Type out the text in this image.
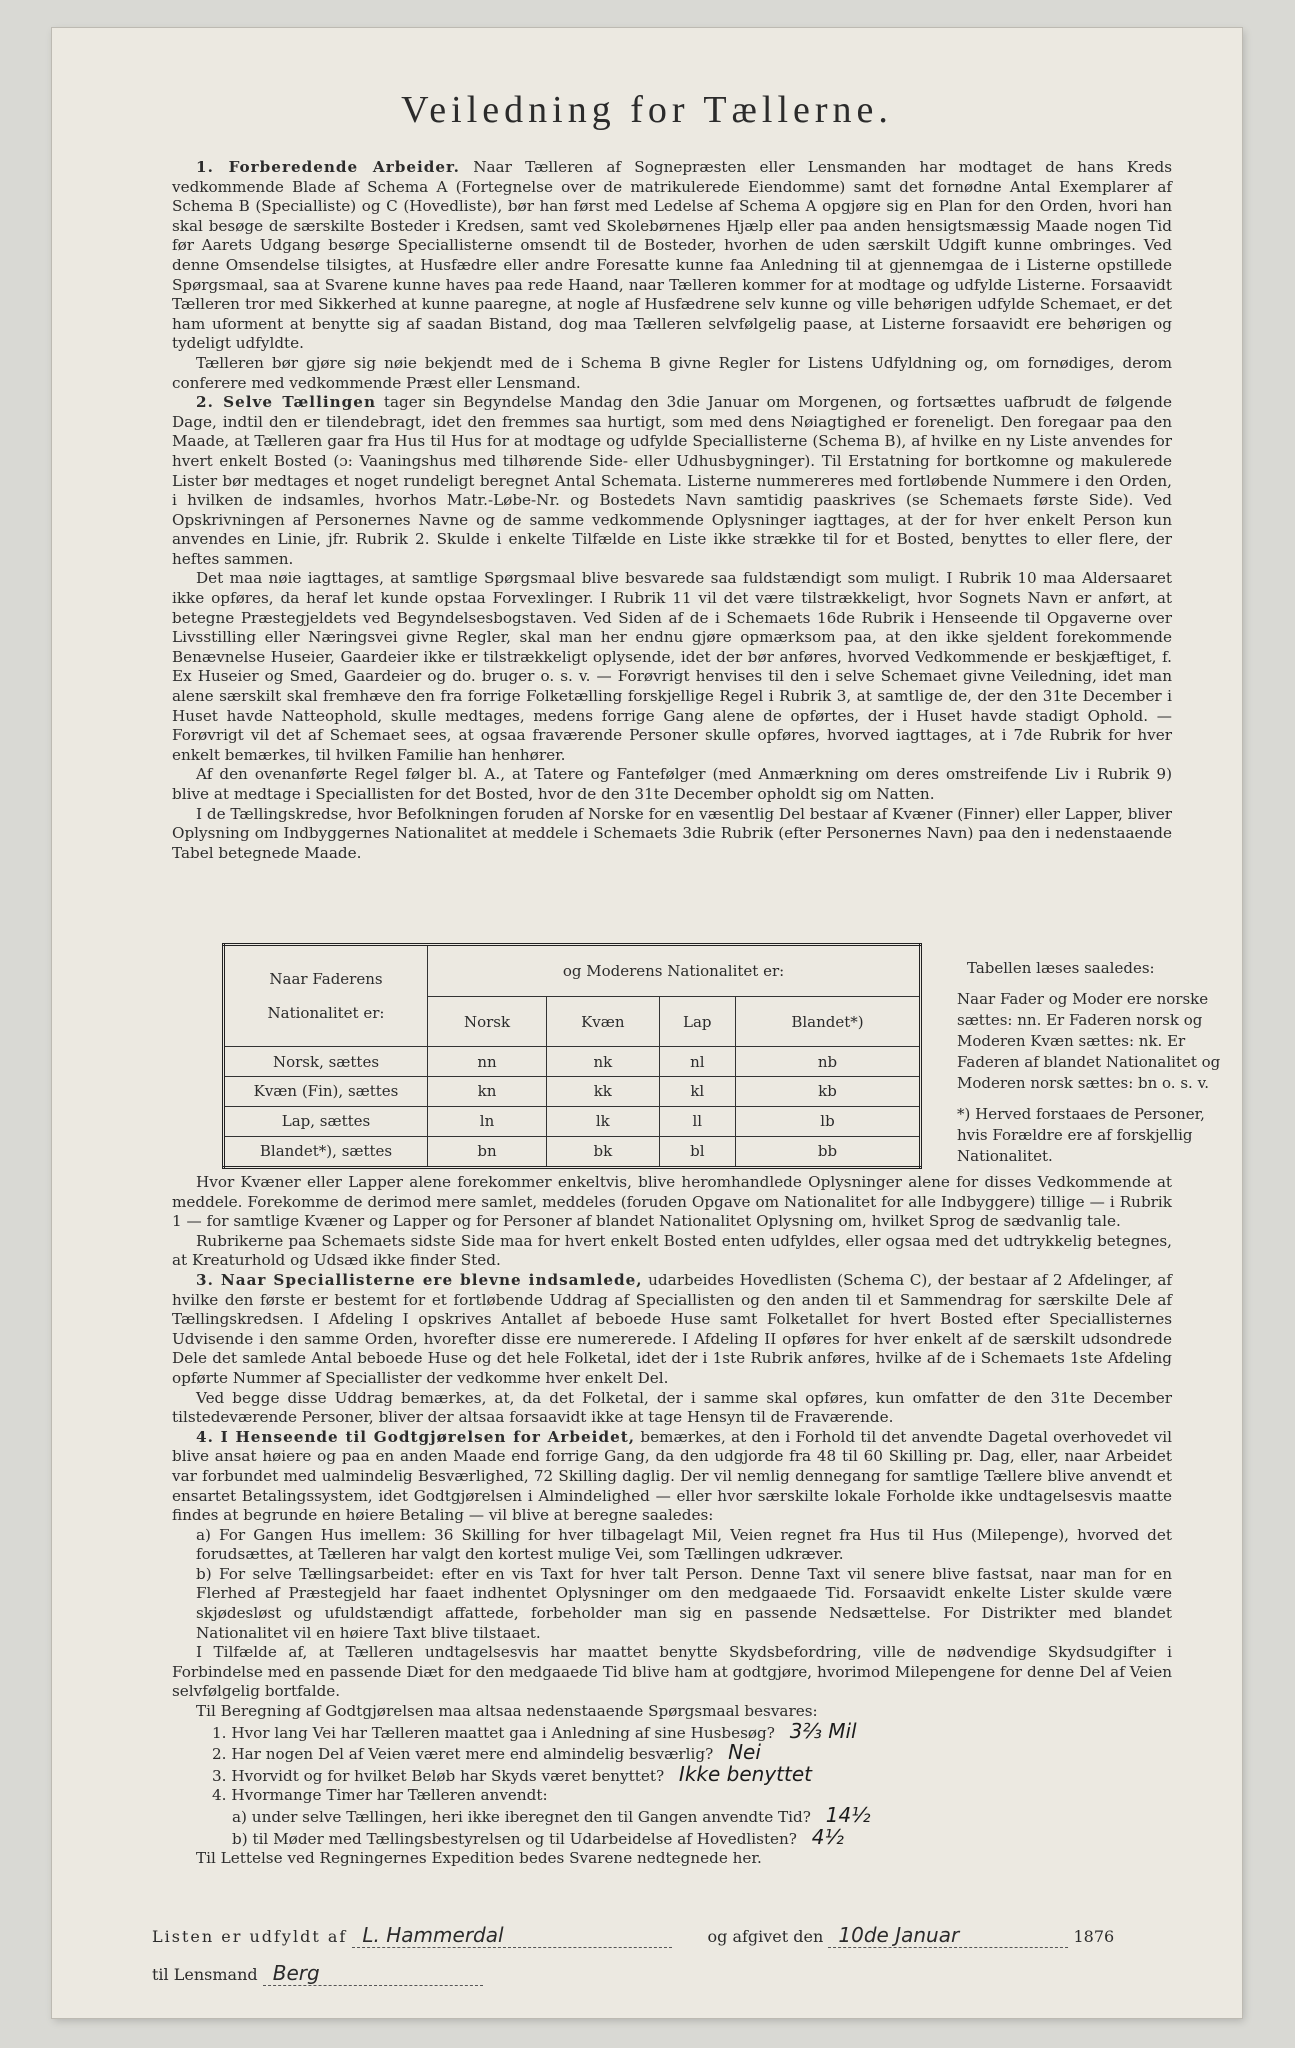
Veiledning for Tællerne.

1. Forberedende Arbeider. Naar Tælleren af Sognepræsten eller Lensmanden har modtaget de hans Kreds vedkommende Blade af Schema A (Fortegnelse over de matrikulerede Eiendomme) samt det fornødne Antal Exemplarer af Schema B (Specialliste) og C (Hovedliste), bør han først med Ledelse af Schema A opgjøre sig en Plan for den Orden, hvori han skal besøge de særskilte Bosteder i Kredsen, samt ved Skolebørnenes Hjælp eller paa anden hensigtsmæssig Maade nogen Tid før Aarets Udgang besørge Speciallisterne omsendt til de Bosteder, hvorhen de uden særskilt Udgift kunne ombringes. Ved denne Omsendelse tilsigtes, at Husfædre eller andre Foresatte kunne faa Anledning til at gjennemgaa de i Listerne opstillede Spørgsmaal, saa at Svarene kunne haves paa rede Haand, naar Tælleren kommer for at modtage og udfylde Listerne. Forsaavidt Tælleren tror med Sikkerhed at kunne paaregne, at nogle af Husfædrene selv kunne og ville behørigen udfylde Schemaet, er det ham uforment at benytte sig af saadan Bistand, dog maa Tælleren selvfølgelig paase, at Listerne forsaavidt ere behørigen og tydeligt udfyldte.

Tælleren bør gjøre sig nøie bekjendt med de i Schema B givne Regler for Listens Udfyldning og, om fornødiges, derom conferere med vedkommende Præst eller Lensmand.

2. Selve Tællingen tager sin Begyndelse Mandag den 3die Januar om Morgenen, og fortsættes uafbrudt de følgende Dage, indtil den er tilendebragt, idet den fremmes saa hurtigt, som med dens Nøiagtighed er foreneligt. Den foregaar paa den Maade, at Tælleren gaar fra Hus til Hus for at modtage og udfylde Speciallisterne (Schema B), af hvilke en ny Liste anvendes for hvert enkelt Bosted (ɔ: Vaaningshus med tilhørende Side- eller Udhusbygninger). Til Erstatning for bortkomne og makulerede Lister bør medtages et noget rundeligt beregnet Antal Schemata. Listerne nummereres med fortløbende Nummere i den Orden, i hvilken de indsamles, hvorhos Matr.-Løbe-Nr. og Bostedets Navn samtidig paaskrives (se Schemaets første Side). Ved Opskrivningen af Personernes Navne og de samme vedkommende Oplysninger iagttages, at der for hver enkelt Person kun anvendes en Linie, jfr. Rubrik 2. Skulde i enkelte Tilfælde en Liste ikke strække til for et Bosted, benyttes to eller flere, der heftes sammen.

Det maa nøie iagttages, at samtlige Spørgsmaal blive besvarede saa fuldstændigt som muligt. I Rubrik 10 maa Aldersaaret ikke opføres, da heraf let kunde opstaa Forvexlinger. I Rubrik 11 vil det være tilstrækkeligt, hvor Sognets Navn er anført, at betegne Præstegjeldets ved Begyndelsesbogstaven. Ved Siden af de i Schemaets 16de Rubrik i Henseende til Opgaverne over Livsstilling eller Næringsvei givne Regler, skal man her endnu gjøre opmærksom paa, at den ikke sjeldent forekommende Benævnelse Huseier, Gaardeier ikke er tilstrækkeligt oplysende, idet der bør anføres, hvorved Vedkommende er beskjæftiget, f. Ex Huseier og Smed, Gaardeier og do. bruger o. s. v. — Forøvrigt henvises til den i selve Schemaet givne Veiledning, idet man alene særskilt skal fremhæve den fra forrige Folketælling forskjellige Regel i Rubrik 3, at samtlige de, der den 31te December i Huset havde Natteophold, skulle medtages, medens forrige Gang alene de opførtes, der i Huset havde stadigt Ophold. — Forøvrigt vil det af Schemaet sees, at ogsaa fraværende Personer skulle opføres, hvorved iagttages, at i 7de Rubrik for hver enkelt bemærkes, til hvilken Familie han henhører.

Af den ovenanførte Regel følger bl. A., at Tatere og Fantefølger (med Anmærkning om deres omstreifende Liv i Rubrik 9) blive at medtage i Speciallisten for det Bosted, hvor de den 31te December opholdt sig om Natten.

I de Tællingskredse, hvor Befolkningen foruden af Norske for en væsentlig Del bestaar af Kvæner (Finner) eller Lapper, bliver Oplysning om Indbyggernes Nationalitet at meddele i Schemaets 3die Rubrik (efter Personernes Navn) paa den i nedenstaaende Tabel betegnede Maade.

Naar Faderens
Nationalitet er:	og Moderens Nationalitet er:			
	Norsk	Kvæn	Lap	Blandet*)
Norsk, sættes	nn	nk	nl	nb
Kvæn (Fin), sættes	kn	kk	kl	kb
Lap, sættes	ln	lk	ll	lb
Blandet*), sættes	bn	bk	bl	bb

Tabellen læses saaledes:

Naar Fader og Moder ere norske sættes: nn. Er Faderen norsk og Moderen Kvæn sættes: nk. Er Faderen af blandet Nationalitet og Moderen norsk sættes: bn o. s. v.

*) Herved forstaaes de Personer, hvis Forældre ere af forskjellig Nationalitet.

Hvor Kvæner eller Lapper alene forekommer enkeltvis, blive heromhandlede Oplysninger alene for disses Vedkommende at meddele. Forekomme de derimod mere samlet, meddeles (foruden Opgave om Nationalitet for alle Indbyggere) tillige — i Rubrik 1 — for samtlige Kvæner og Lapper og for Personer af blandet Nationalitet Oplysning om, hvilket Sprog de sædvanlig tale.

Rubrikerne paa Schemaets sidste Side maa for hvert enkelt Bosted enten udfyldes, eller ogsaa med det udtrykkelig betegnes, at Kreaturhold og Udsæd ikke finder Sted.

3. Naar Speciallisterne ere blevne indsamlede, udarbeides Hovedlisten (Schema C), der bestaar af 2 Afdelinger, af hvilke den første er bestemt for et fortløbende Uddrag af Speciallisten og den anden til et Sammendrag for særskilte Dele af Tællingskredsen. I Afdeling I opskrives Antallet af beboede Huse samt Folketallet for hvert Bosted efter Speciallisternes Udvisende i den samme Orden, hvorefter disse ere numererede. I Afdeling II opføres for hver enkelt af de særskilt udsondrede Dele det samlede Antal beboede Huse og det hele Folketal, idet der i 1ste Rubrik anføres, hvilke af de i Schemaets 1ste Afdeling opførte Nummer af Speciallister der vedkomme hver enkelt Del.

Ved begge disse Uddrag bemærkes, at, da det Folketal, der i samme skal opføres, kun omfatter de den 31te December tilstedeværende Personer, bliver der altsaa forsaavidt ikke at tage Hensyn til de Fraværende.

4. I Henseende til Godtgjørelsen for Arbeidet, bemærkes, at den i Forhold til det anvendte Dagetal overhovedet vil blive ansat høiere og paa en anden Maade end forrige Gang, da den udgjorde fra 48 til 60 Skilling pr. Dag, eller, naar Arbeidet var forbundet med ualmindelig Besværlighed, 72 Skilling daglig. Der vil nemlig dennegang for samtlige Tællere blive anvendt et ensartet Betalingssystem, idet Godtgjørelsen i Almindelighed — eller hvor særskilte lokale Forholde ikke undtagelsesvis maatte findes at begrunde en høiere Betaling — vil blive at beregne saaledes:

a) For Gangen Hus imellem: 36 Skilling for hver tilbagelagt Mil, Veien regnet fra Hus til Hus (Milepenge), hvorved det forudsættes, at Tælleren har valgt den kortest mulige Vei, som Tællingen udkræver.

b) For selve Tællingsarbeidet: efter en vis Taxt for hver talt Person. Denne Taxt vil senere blive fastsat, naar man for en Flerhed af Præstegjeld har faaet indhentet Oplysninger om den medgaaede Tid. Forsaavidt enkelte Lister skulde være skjødesløst og ufuldstændigt affattede, forbeholder man sig en passende Nedsættelse. For Distrikter med blandet Nationalitet vil en høiere Taxt blive tilstaaet.

I Tilfælde af, at Tælleren undtagelsesvis har maattet benytte Skydsbefordring, ville de nødvendige Skydsudgifter i Forbindelse med en passende Diæt for den medgaaede Tid blive ham at godtgjøre, hvorimod Milepengene for denne Del af Veien selvfølgelig bortfalde.

Til Beregning af Godtgjørelsen maa altsaa nedenstaaende Spørgsmaal besvares:

1. Hvor lang Vei har Tælleren maattet gaa i Anledning af sine Husbesøg? 3⅔ Mil
2. Har nogen Del af Veien været mere end almindelig besværlig? Nei
3. Hvorvidt og for hvilket Beløb har Skyds været benyttet? Ikke benyttet
4. Hvormange Timer har Tælleren anvendt:
a) under selve Tællingen, heri ikke iberegnet den til Gangen anvendte Tid? 14½
b) til Møder med Tællingsbestyrelsen og til Udarbeidelse af Hovedlisten? 4½

Til Lettelse ved Regningernes Expedition bedes Svarene nedtegnede her.

Listen er udfyldt af L. Hammerdal	og afgivet den 10de Januar	1876
til Lensmand Berg
